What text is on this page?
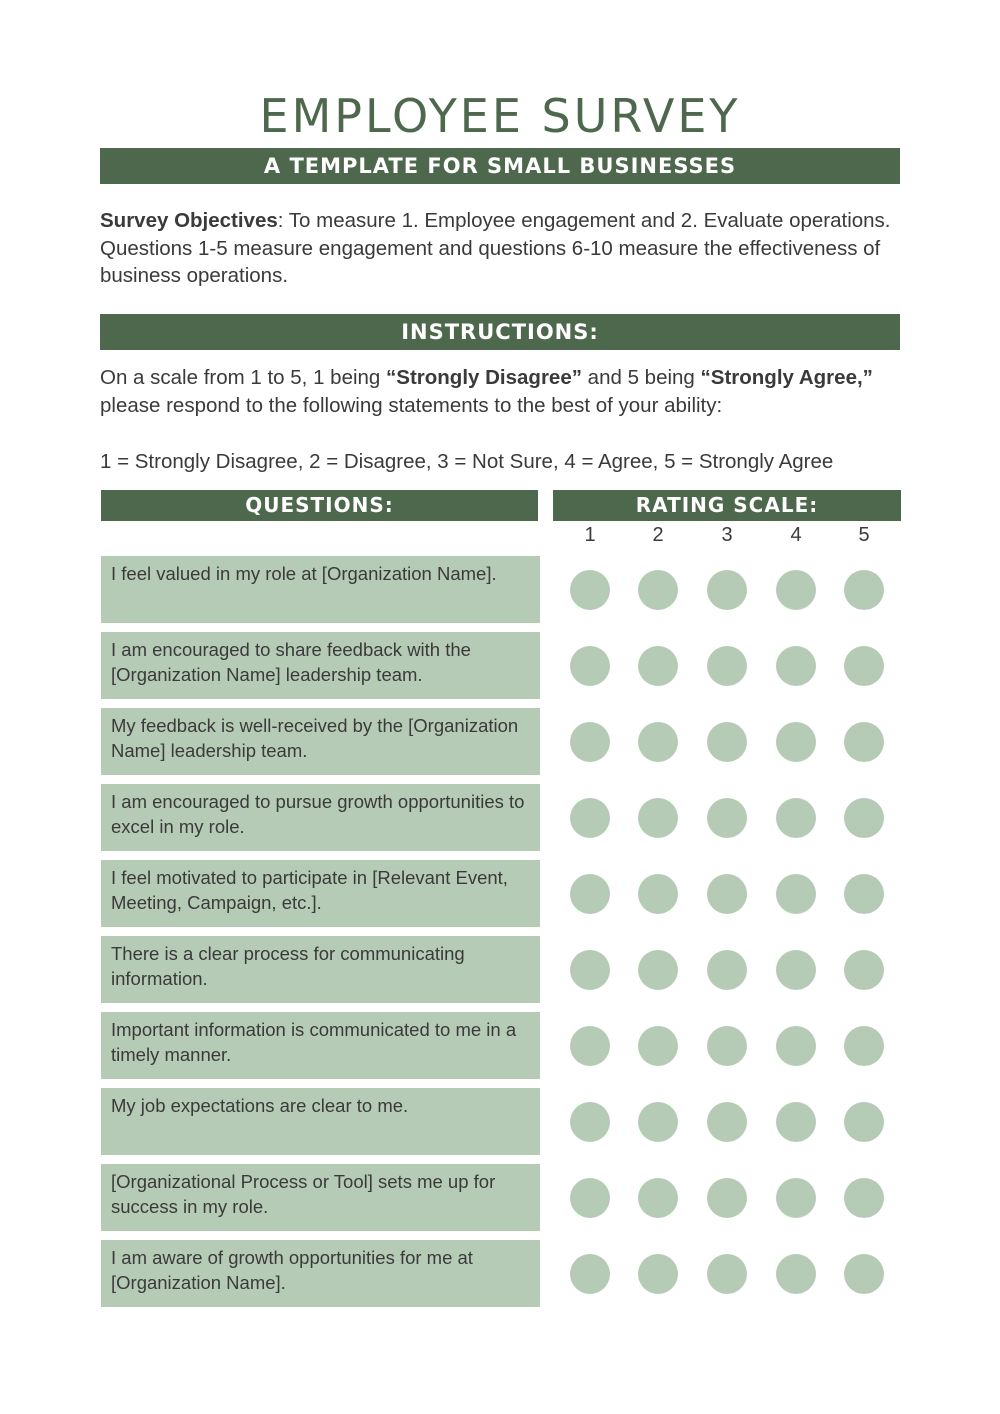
EMPLOYEE SURVEY
A TEMPLATE FOR SMALL BUSINESSES
Survey Objectives: To measure 1. Employee engagement and 2. Evaluate operations. Questions 1-5 measure engagement and questions 6-10 measure the effectiveness of business operations.
INSTRUCTIONS:
On a scale from 1 to 5, 1 being “Strongly Disagree” and 5 being “Strongly Agree,” please respond to the following statements to the best of your ability:
1 = Strongly Disagree, 2 = Disagree, 3 = Not Sure, 4 = Agree, 5 = Strongly Agree
QUESTIONS:	RATING SCALE:
1	2	3	4	5
I feel valued in my role at [Organization Name].
I am encouraged to share feedback with the [Organization Name] leadership team.
My feedback is well-received by the [Organization Name] leadership team.
I am encouraged to pursue growth opportunities to excel in my role.
I feel motivated to participate in [Relevant Event, Meeting, Campaign, etc.].
There is a clear process for communicating information.
Important information is communicated to me in a timely manner.
My job expectations are clear to me.
[Organizational Process or Tool] sets me up for success in my role.
I am aware of growth opportunities for me at [Organization Name].
